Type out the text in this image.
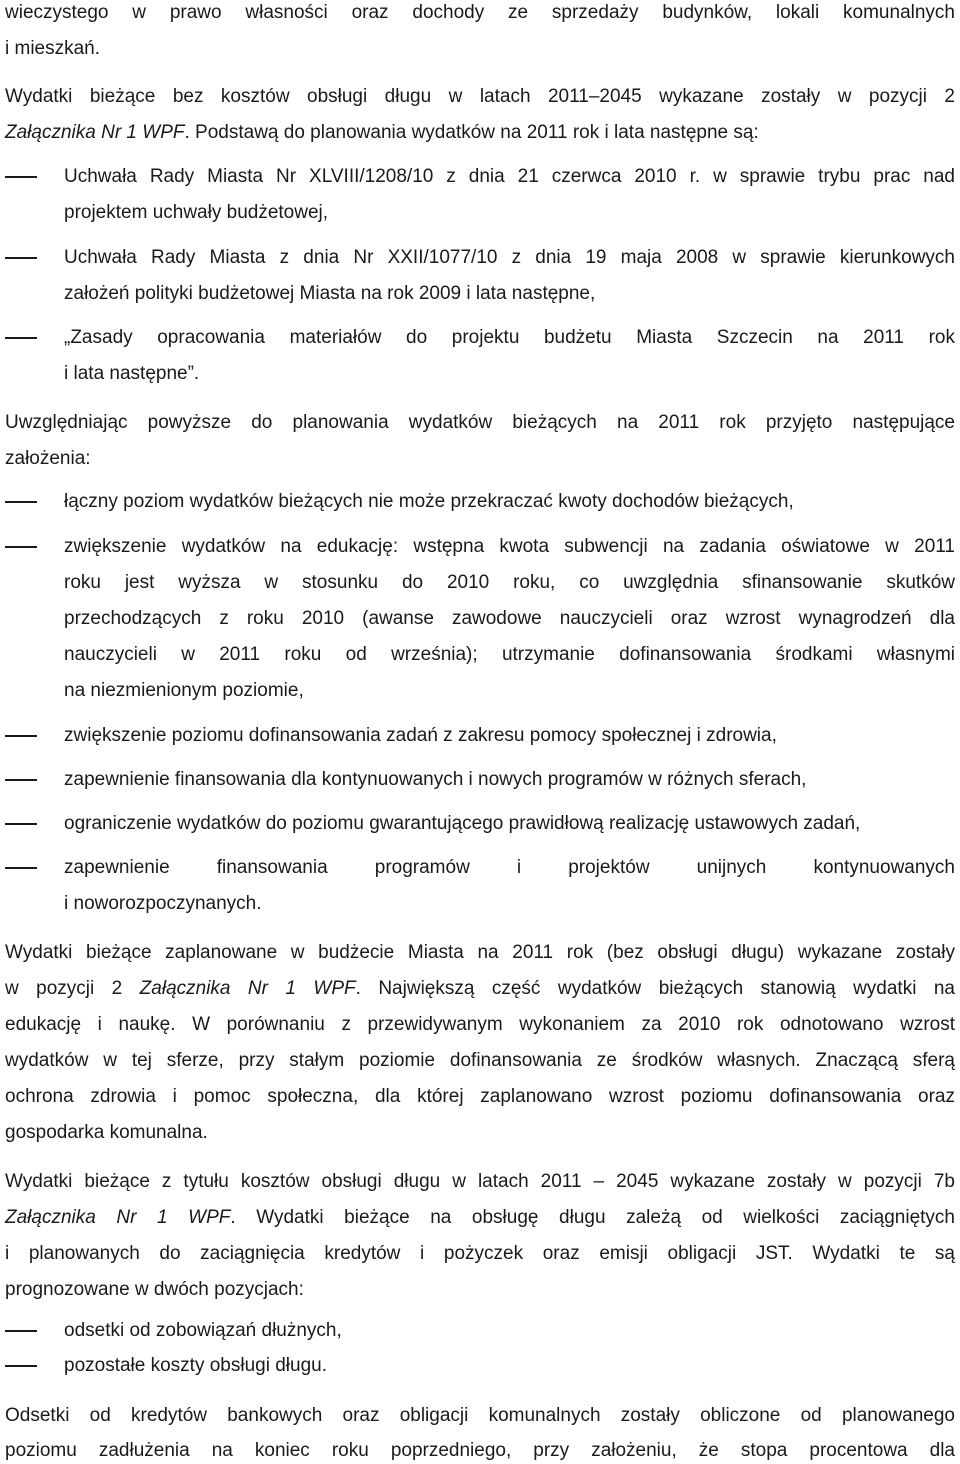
wieczystego w prawo własności oraz dochody ze sprzedaży budynków, lokali komunalnych
i mieszkań.
Wydatki bieżące bez kosztów obsługi długu w latach 2011–2045 wykazane zostały w pozycji 2
Załącznika Nr 1 WPF. Podstawą do planowania wydatków na 2011 rok i lata następne są:
Uchwała Rady Miasta Nr XLVIII/1208/10 z dnia 21 czerwca 2010 r. w sprawie trybu prac nad
projektem uchwały budżetowej,
Uchwała Rady Miasta z dnia Nr XXII/1077/10 z dnia 19 maja 2008 w sprawie kierunkowych
założeń polityki budżetowej Miasta na rok 2009 i lata następne,
„Zasady opracowania materiałów do projektu budżetu Miasta Szczecin na 2011 rok
i lata następne”.
Uwzględniając powyższe do planowania wydatków bieżących na 2011 rok przyjęto następujące
założenia:
łączny poziom wydatków bieżących nie może przekraczać kwoty dochodów bieżących,
zwiększenie wydatków na edukację: wstępna kwota subwencji na zadania oświatowe w 2011
roku jest wyższa w stosunku do 2010 roku, co uwzględnia sfinansowanie skutków
przechodzących z roku 2010 (awanse zawodowe nauczycieli oraz wzrost wynagrodzeń dla
nauczycieli w 2011 roku od września); utrzymanie dofinansowania środkami własnymi
na niezmienionym poziomie,
zwiększenie poziomu dofinansowania zadań z zakresu pomocy społecznej i zdrowia,
zapewnienie finansowania dla kontynuowanych i nowych programów w różnych sferach,
ograniczenie wydatków do poziomu gwarantującego prawidłową realizację ustawowych zadań,
zapewnienie finansowania programów i projektów unijnych kontynuowanych
i noworozpoczynanych.
Wydatki bieżące zaplanowane w budżecie Miasta na 2011 rok (bez obsługi długu) wykazane zostały
w pozycji 2 Załącznika Nr 1 WPF. Największą część wydatków bieżących stanowią wydatki na
edukację i naukę. W porównaniu z przewidywanym wykonaniem za 2010 rok odnotowano wzrost
wydatków w tej sferze, przy stałym poziomie dofinansowania ze środków własnych. Znaczącą sferą
ochrona zdrowia i pomoc społeczna, dla której zaplanowano wzrost poziomu dofinansowania oraz
gospodarka komunalna.
Wydatki bieżące z tytułu kosztów obsługi długu w latach 2011 – 2045 wykazane zostały w pozycji 7b
Załącznika Nr 1 WPF. Wydatki bieżące na obsługę długu zależą od wielkości zaciągniętych
i planowanych do zaciągnięcia kredytów i pożyczek oraz emisji obligacji JST. Wydatki te są
prognozowane w dwóch pozycjach:
odsetki od zobowiązań dłużnych,
pozostałe koszty obsługi długu.
Odsetki od kredytów bankowych oraz obligacji komunalnych zostały obliczone od planowanego
poziomu zadłużenia na koniec roku poprzedniego, przy założeniu, że stopa procentowa dla
